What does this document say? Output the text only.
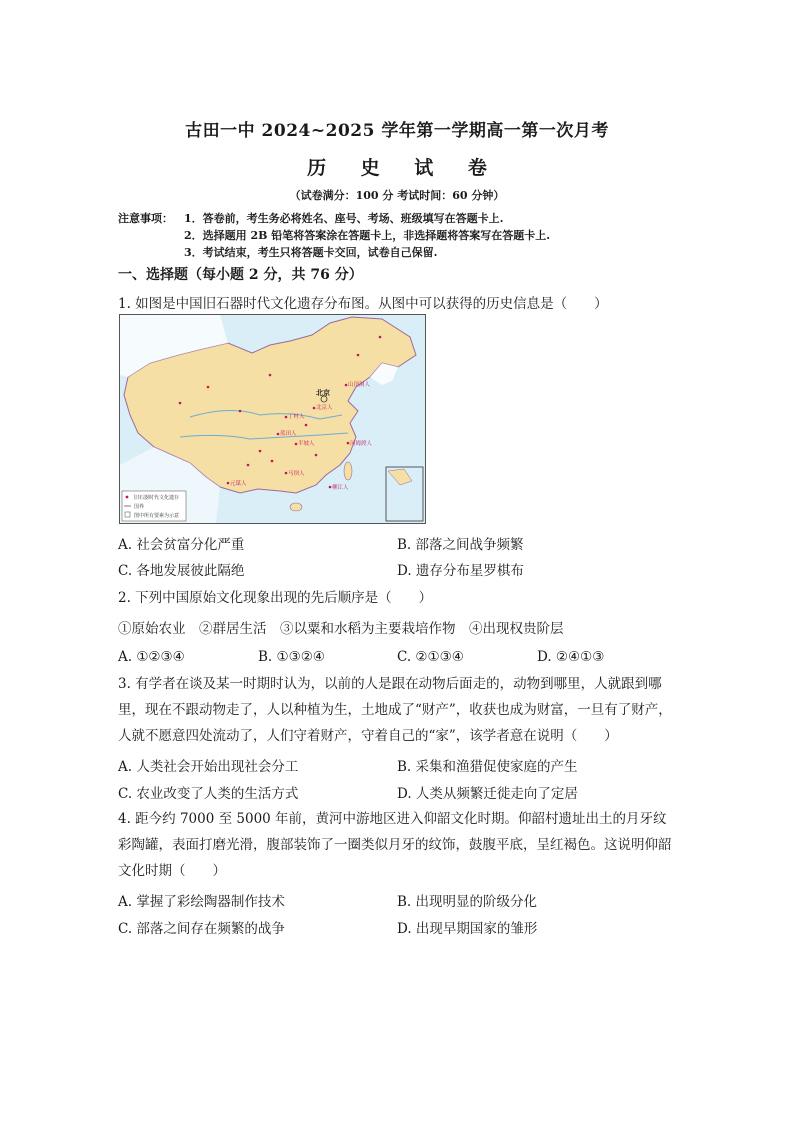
古田一中 2024~2025 学年第一学期高一第一次月考
历 史 试 卷
（试卷满分：100 分 考试时间：60 分钟）
注意事项： 1．答卷前，考生务必将姓名、座号、考场、班级填写在答题卡上.
2．选择题用 2B 铅笔将答案涂在答题卡上，非选择题将答案写在答题卡上.
3．考试结束，考生只将答题卡交回，试卷自己保留.
一、选择题（每小题 2 分，共 76 分）
1. 如图是中国旧石器时代文化遗存分布图。从图中可以获得的历史信息是（　　）
旧石器时代文化遗存
国界
图中所有要素为示意
北京
山顶洞人
北京人
丁村人
蓝田人
元谋人
马坝人
河姆渡人
半坡人
柳江人
A. 社会贫富分化严重	B. 部落之间战争频繁
C. 各地发展彼此隔绝	D. 遗存分布星罗棋布
2. 下列中国原始文化现象出现的先后顺序是（　　）
①原始农业　②群居生活　③以粟和水稻为主要栽培作物　④出现权贵阶层
A. ①②③④	B. ①③②④	C. ②①③④	D. ②④①③
3. 有学者在谈及某一时期时认为，以前的人是跟在动物后面走的，动物到哪里，人就跟到哪里，现在不跟动物走了，人以种植为生，土地成了“财产”，收获也成为财富，一旦有了财产，人就不愿意四处流动了，人们守着财产，守着自己的“家”，该学者意在说明（　　）
A. 人类社会开始出现社会分工	B. 采集和渔猎促使家庭的产生
C. 农业改变了人类的生活方式	D. 人类从频繁迁徙走向了定居
4. 距今约 7000 至 5000 年前，黄河中游地区进入仰韶文化时期。仰韶村遗址出土的月牙纹彩陶罐，表面打磨光滑，腹部装饰了一圈类似月牙的纹饰，鼓腹平底，呈红褐色。这说明仰韶文化时期（　　）
A. 掌握了彩绘陶器制作技术	B. 出现明显的阶级分化
C. 部落之间存在频繁的战争	D. 出现早期国家的雏形
